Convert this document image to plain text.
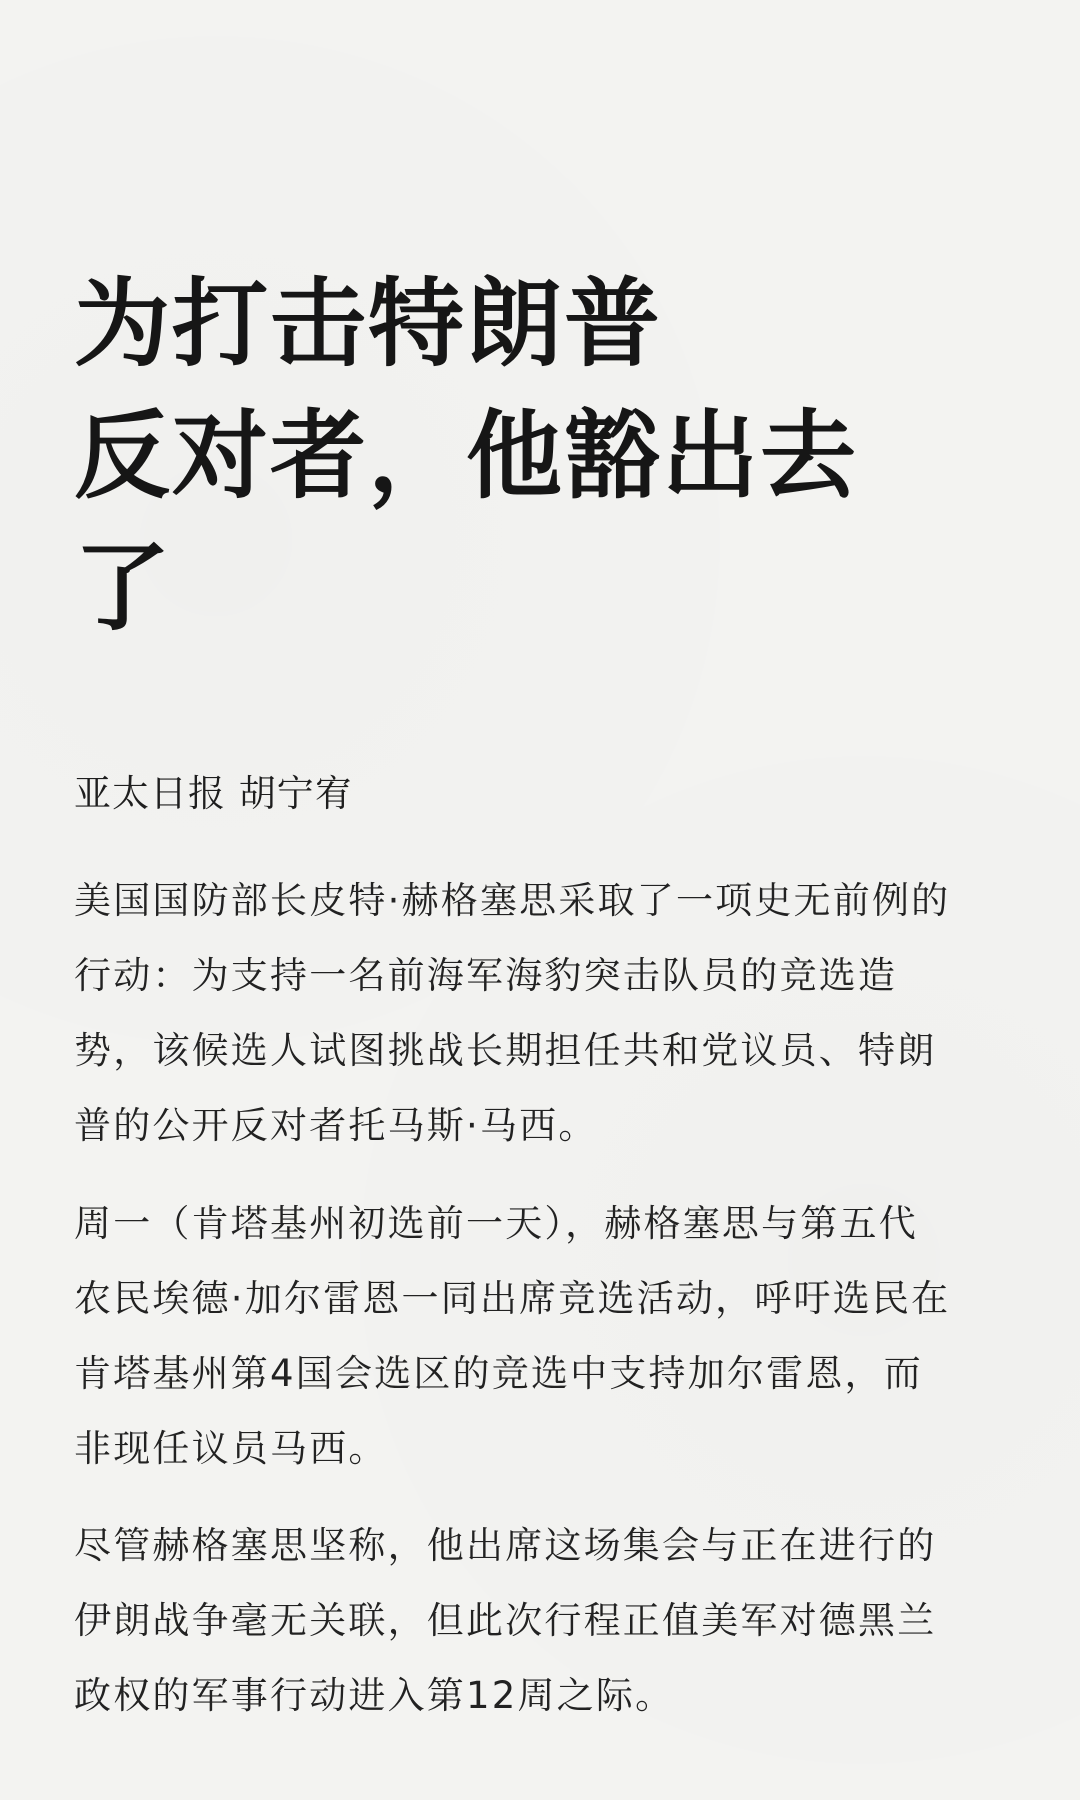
为打击特朗普
反对者，他豁出去
了

亚太日报 胡宁宥

美国国防部长皮特·赫格塞思采取了一项史无前例的
行动：为支持一名前海军海豹突击队员的竞选造
势，该候选人试图挑战长期担任共和党议员、特朗
普的公开反对者托马斯·马西。

周一（肯塔基州初选前一天），赫格塞思与第五代
农民埃德·加尔雷恩一同出席竞选活动，呼吁选民在
肯塔基州第4国会选区的竞选中支持加尔雷恩，而
非现任议员马西。

尽管赫格塞思坚称，他出席这场集会与正在进行的
伊朗战争毫无关联，但此次行程正值美军对德黑兰
政权的军事行动进入第12周之际。
